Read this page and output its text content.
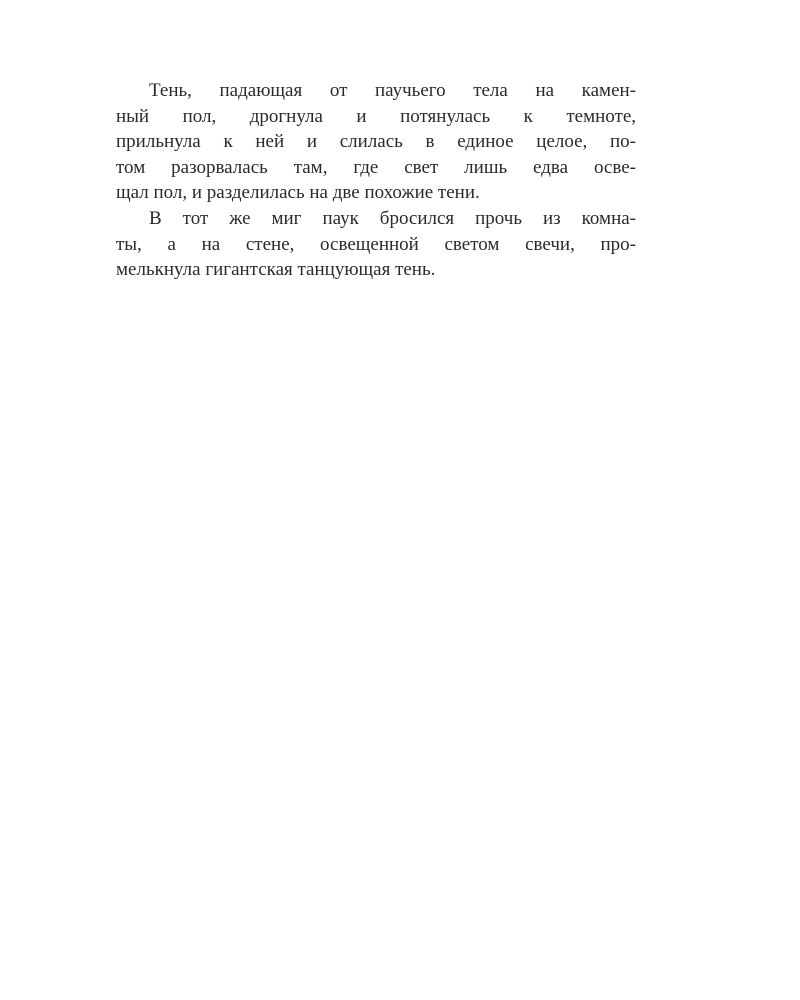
Тень, падающая от паучьего тела на камен-
ный пол, дрогнула и потянулась к темноте,
прильнула к ней и слилась в единое целое, по-
том разорвалась там, где свет лишь едва осве-
щал пол, и разделилась на две похожие тени.
В тот же миг паук бросился прочь из комна-
ты, а на стене, освещенной светом свечи, про-
мелькнула гигантская танцующая тень.
